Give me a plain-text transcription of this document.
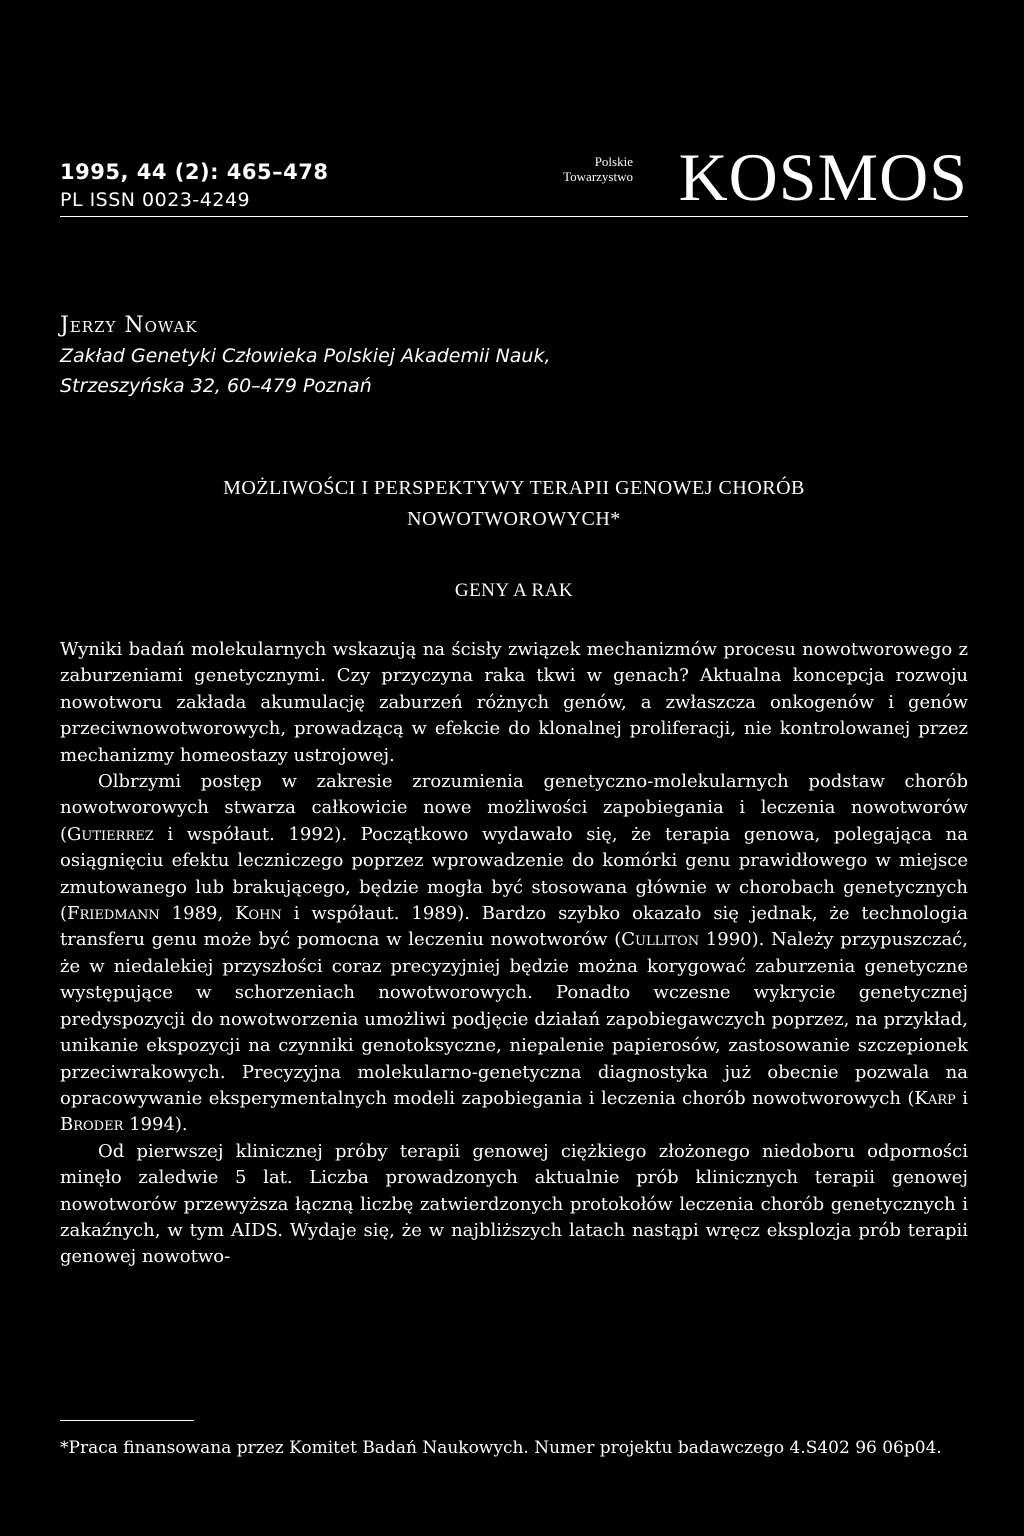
1995, 44 (2): 465–478
PL ISSN 0023-4249
Polskie
Towarzystwo KOSMOS
Jerzy Nowak
Zakład Genetyki Człowieka Polskiej Akademii Nauk,
Strzeszyńska 32, 60–479 Poznań
MOŻLIWOŚCI I PERSPEKTYWY TERAPII GENOWEJ CHORÓB
NOWOTWOROWYCH*
GENY A RAK

Wyniki badań molekularnych wskazują na ścisły związek mechanizmów procesu nowotworowego z zaburzeniami genetycznymi. Czy przyczyna raka tkwi w genach? Aktualna koncepcja rozwoju nowotworu zakłada akumulację zaburzeń różnych genów, a zwłaszcza onkogenów i genów przeciwnowotworowych, prowadzącą w efekcie do klonalnej proliferacji, nie kontrolowanej przez mechanizmy homeostazy ustrojowej.

Olbrzymi postęp w zakresie zrozumienia genetyczno-molekularnych podstaw chorób nowotworowych stwarza całkowicie nowe możliwości zapobiegania i leczenia nowotworów (Gutierrez i współaut. 1992). Początkowo wydawało się, że terapia genowa, polegająca na osiągnięciu efektu leczniczego poprzez wprowadzenie do komórki genu prawidłowego w miejsce zmutowanego lub brakującego, będzie mogła być stosowana głównie w chorobach genetycznych (Friedmann 1989, Kohn i współaut. 1989). Bardzo szybko okazało się jednak, że technologia transferu genu może być pomocna w leczeniu nowotworów (Culliton 1990). Należy przypuszczać, że w niedalekiej przyszłości coraz precyzyjniej będzie można korygować zaburzenia genetyczne występujące w schorzeniach nowotworowych. Ponadto wczesne wykrycie genetycznej predyspozycji do nowotworzenia umożliwi podjęcie działań zapobiegawczych poprzez, na przykład, unikanie ekspozycji na czynniki genotoksyczne, niepalenie papierosów, zastosowanie szczepionek przeciwrakowych. Precyzyjna molekularno-genetyczna diagnostyka już obecnie pozwala na opracowywanie eksperymentalnych modeli zapobiegania i leczenia chorób nowotworowych (Karp i Broder 1994).

Od pierwszej klinicznej próby terapii genowej ciężkiego złożonego niedoboru odporności minęło zaledwie 5 lat. Liczba prowadzonych aktualnie prób klinicznych terapii genowej nowotworów przewyższa łączną liczbę zatwierdzonych protokołów leczenia chorób genetycznych i zakaźnych, w tym AIDS. Wydaje się, że w najbliższych latach nastąpi wręcz eksplozja prób terapii genowej nowotwo-

*Praca finansowana przez Komitet Badań Naukowych. Numer projektu badawczego 4.S402 96 06p04.
